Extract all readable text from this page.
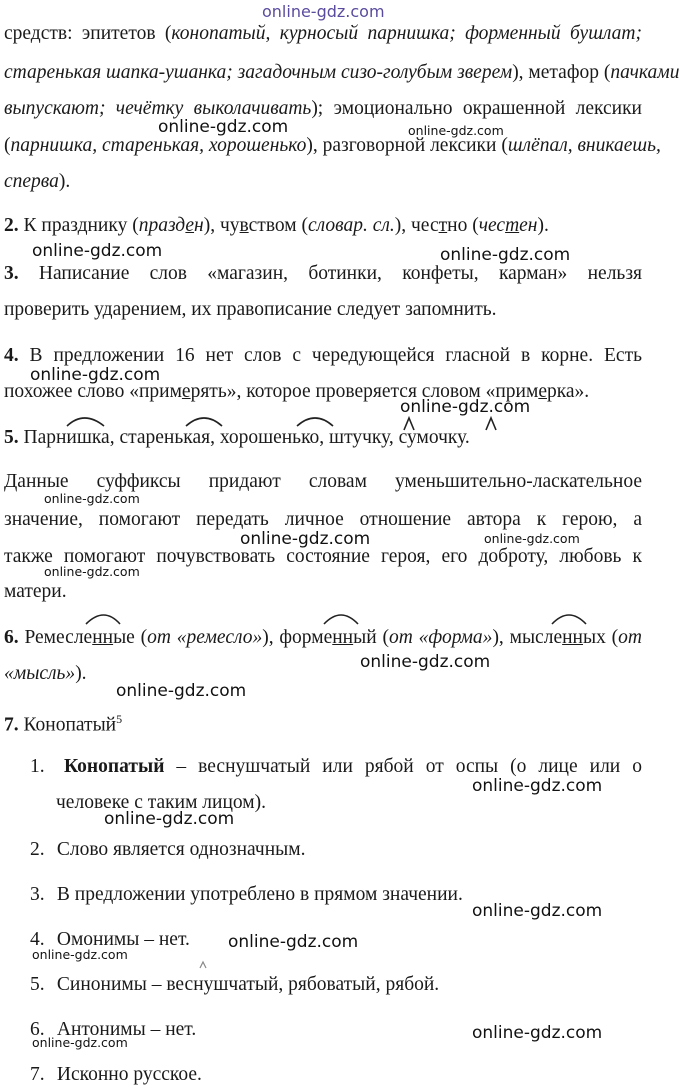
online-gdz.com
средств: эпитетов (конопатый, курносый парнишка; форменный бушлат;
старенькая шапка-ушанка; загадочным сизо-голубым зверем), метафор (пачками
выпускают; чечётку выколачивать); эмоционально окрашенной лексики
(парнишка, старенькая, хорошенько), разговорной лексики (шлёпал, вникаешь,
сперва).
2. К празднику (празден), чувством (словар. сл.), честно (честен).
3. Написание слов «магазин, ботинки, конфеты, карман» нельзя
проверить ударением, их правописание следует запомнить.
4. В предложении 16 нет слов с чередующейся гласной в корне. Есть
похожее слово «примерять», которое проверяется словом «примерка».
5. Парнишка, старенькая, хорошенько, штучку, сумочку.
Данные суффиксы придают словам уменьшительно-ласкательное
значение, помогают передать личное отношение автора к герою, а
также помогают почувствовать состояние героя, его доброту, любовь к
матери.
6. Ремесленные (от «ремесло»), форменный (от «форма»), мысленных (от
«мысль»).
7. Конопатый$^5$
1. Конопатый – веснушчатый или рябой от оспы (о лице или о
человеке с таким лицом).
2. Слово является однозначным.
3. В предложении употреблено в прямом значении.
4. Омонимы – нет.
5. Синонимы – веснушчатый, рябоватый, рябой.
6. Антонимы – нет.
7. Исконно русское.
online-gdz.com	online-gdz.com
online-gdz.com	online-gdz.com
online-gdz.com
online-gdz.com
online-gdz.com
online-gdz.com	online-gdz.com
online-gdz.com
online-gdz.com
online-gdz.com
online-gdz.com
online-gdz.com
online-gdz.com
online-gdz.com
online-gdz.com
online-gdz.com
online-gdz.com
